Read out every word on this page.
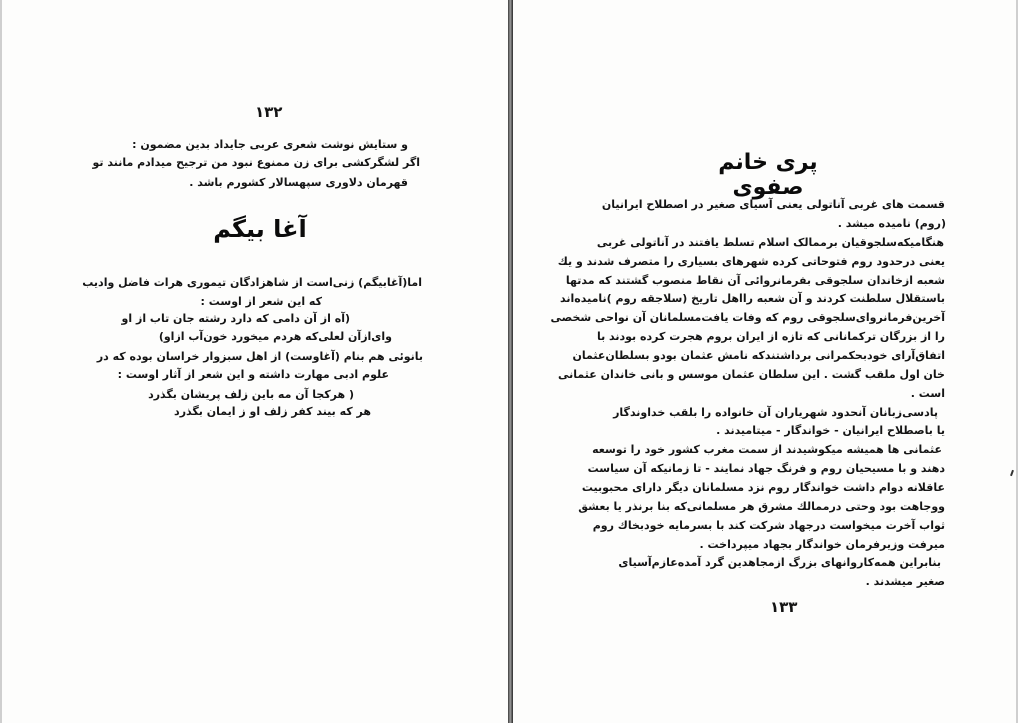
۱۳۲
و ستایش نوشت شعری عربی جایداد بدین مضمون :
اگر لشگرکشی برای زن ممنوع نبود من ترجیح میدادم مانند تو
قهرمان دلاوری سپهسالار کشورم باشد .
آغا بیگم
اما(آغابیگم) زنی‌است از شاهزادگان تیموری هرات فاضل وادیب
که این شعر از اوست :
(آه از آن دامی که دارد رشته جان تاب از او
وای‌ازآن لعلی‌که هردم میخورد خون‌آب ازاو)
بانوئی هم بنام (آغاوست) از اهل سبزوار خراسان بوده که در
علوم ادبی مهارت داشته و این شعر از آثار اوست :
( هرکجا آن مه باین زلف پریشان بگذرد
هر که بیند کفر زلف او ز ایمان بگذرد
پری خانم صفوی
قسمت های غربی آناتولی یعنی آسیای صغیر در اصطلاح ایرانیان
(روم) نامیده میشد .
هنگامیکه‌سلجوقیان برممالک اسلام تسلط یافتند در آناتولی غربی
یعنی درحدود روم فتوحاتی کرده شهرهای بسیاری را متصرف شدند و یك
شعبه ازخاندان سلجوقی بفرمانروائی آن نقاط منصوب گشتند که مدتها
باستقلال سلطنت کردند و آن شعبه رااهل تاریخ (سلاجقه روم )نامیده‌اند
آخرین‌فرمانروای‌سلجوقی روم که وفات یافت‌مسلمانان آن نواحی شخصی
را از بزرگان ترکمانانی که تازه از ایران بروم هجرت کرده بودند با
اتفاق‌آرای خودبحکمرانی برداشتندکه نامش عثمان بودو بسلطان‌عثمان
خان اول ملقب گشت . این سلطان عثمان موسس و بانی خاندان عثمانی
است .
پادسی‌زبانان آنحدود شهریاران آن خانواده را بلقب خداوندگار
یا باصطلاح ایرانیان - خواندگار - میتامیدند .
عثمانی ها همیشه میکوشیدند از سمت مغرب کشور خود را توسعه
دهند و با مسیحیان روم و فرنگ جهاد نمایند - تا زمانیکه آن سیاست
عاقلانه دوام داشت خواندگار روم نزد مسلمانان دیگر دارای محبوبیت
ووجاهت بود وحتی درممالك مشرق هر مسلمانی‌که بنا برنذر یا بعشق
ثواب آخرت میخواست درجهاد شرکت کند با بسرمایه خودبخاك روم
میرفت وزیرفرمان خواندگار بجهاد میپرداخت .
بنابراین همه‌کاروانهای بزرگ ازمجاهدین گرد آمده‌عازم‌آسیای
صغیر میشدند .
۱۳۳
